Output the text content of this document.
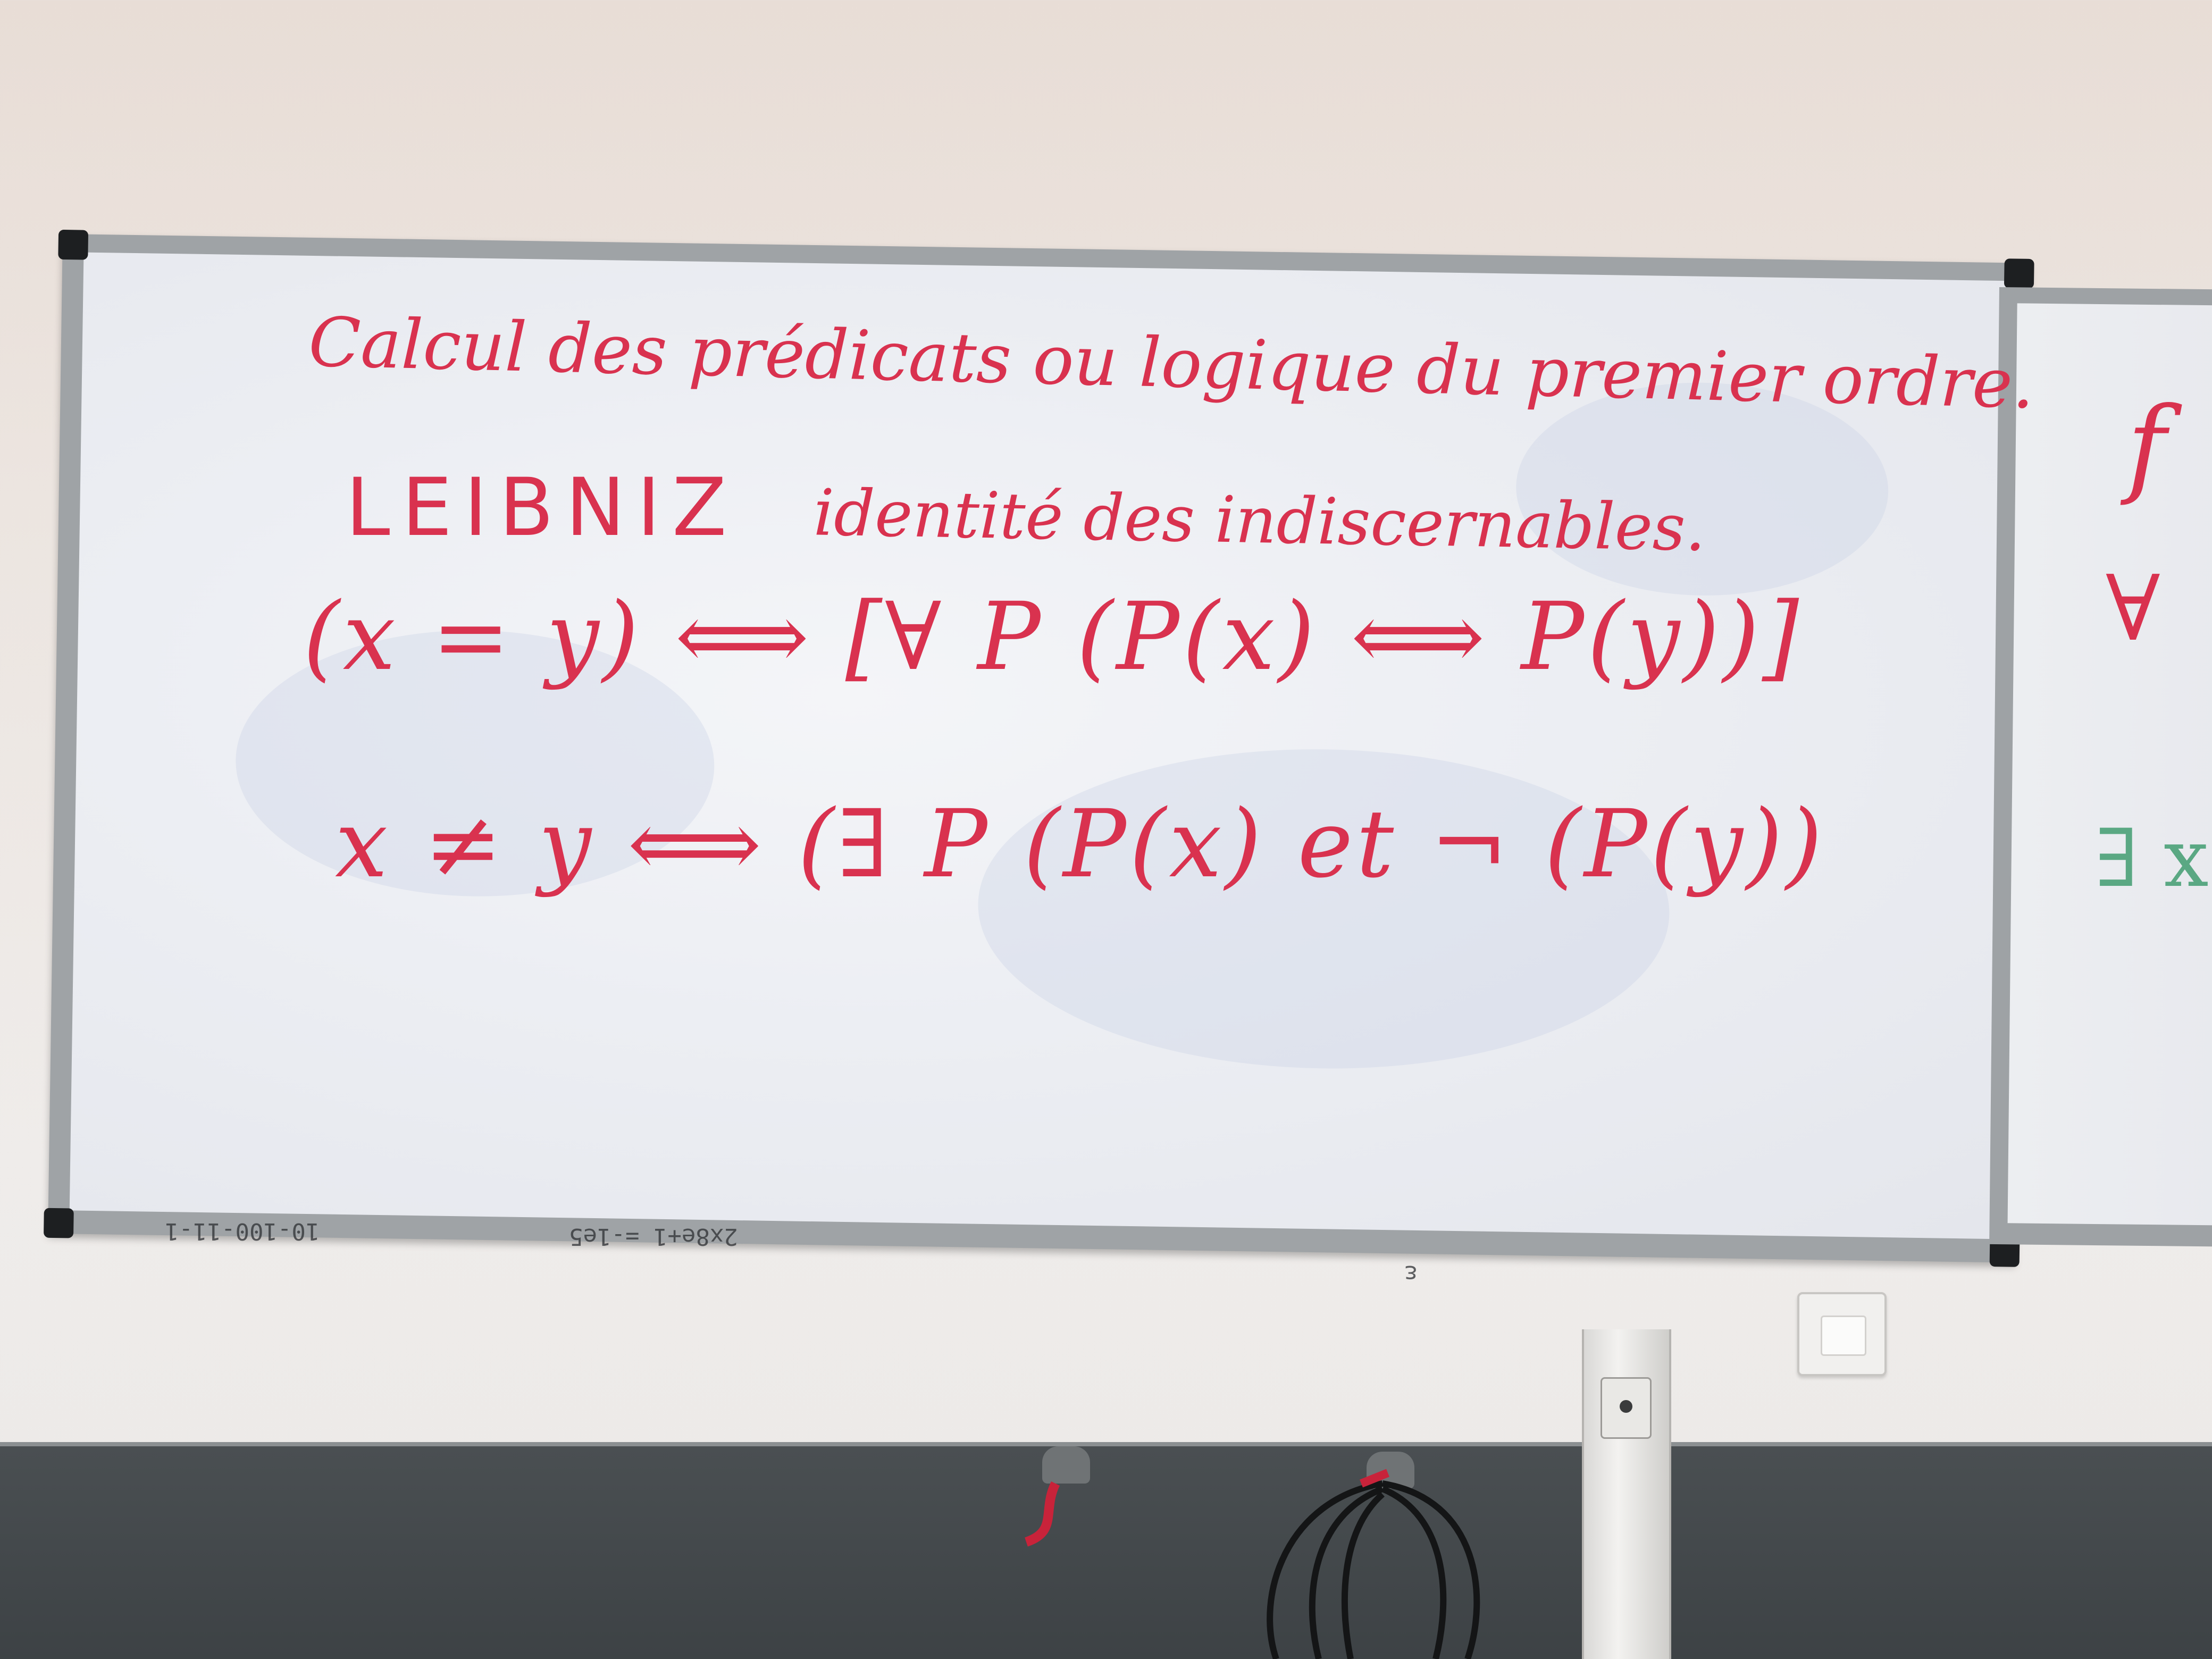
Calcul des prédicats ou logique du premier ordre.
LEIBNIZ identité des indiscernables.
(x = y) ⟺ [∀ P (P(x) ⟺ P(y))]
x ≠ y ⟺ (∃ P (P(x) et ¬ (P(y))
f
∀
∃ x
10-100-11-1	2x8e+1 =-1e5
ε
